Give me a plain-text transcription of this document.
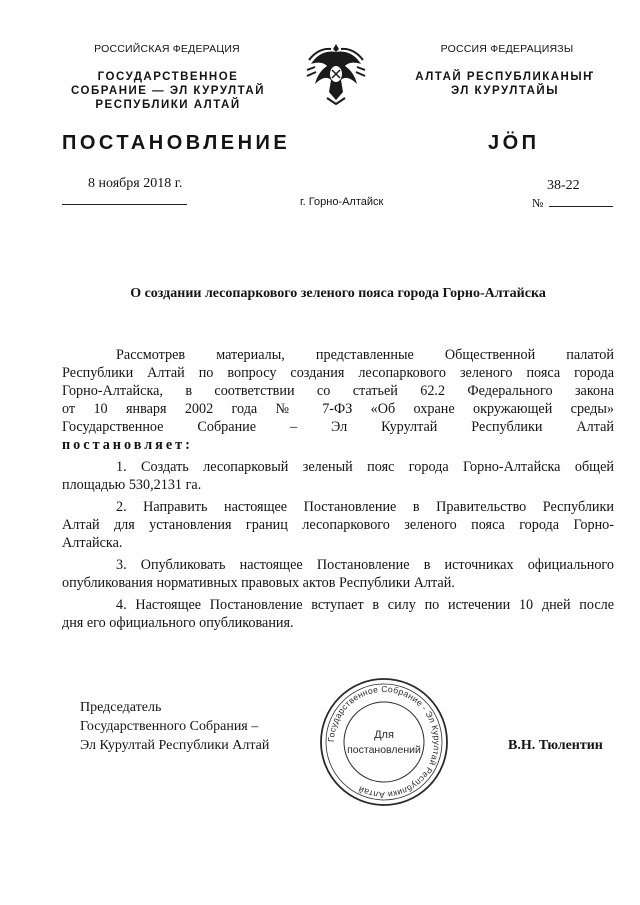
РОССИЙСКАЯ ФЕДЕРАЦИЯ
ГОСУДАРСТВЕННОЕ
СОБРАНИЕ — ЭЛ КУРУЛТАЙ
РЕСПУБЛИКИ АЛТАЙ
РОССИЯ ФЕДЕРАЦИЯЗЫ
АЛТАЙ РЕСПУБЛИКАНЫҤ
ЭЛ КУРУЛТАЙЫ
ПОСТАНОВЛЕНИЕ	JӦП
8 ноября 2018 г.
г. Горно-Алтайск
38-22
№
О создании лесопаркового зеленого пояса города Горно-Алтайска
Рассмотрев материалы, представленные Общественной палатой
Республики Алтай по вопросу создания лесопаркового зеленого пояса города
Горно-Алтайска, в соответствии со статьей 62.2 Федерального закона
от 10 января 2002 года № 7-ФЗ «Об охране окружающей среды»
Государственное Собрание – Эл Курултай Республики Алтай
постановляет:
1. Создать лесопарковый зеленый пояс города Горно-Алтайска общей
площадью 530,2131 га.
2. Направить настоящее Постановление в Правительство Республики
Алтай для установления границ лесопаркового зеленого пояса города Горно-
Алтайска.
3. Опубликовать настоящее Постановление в источниках официального
опубликования нормативных правовых актов Республики Алтай.
4. Настоящее Постановление вступает в силу по истечении 10 дней после
дня его официального опубликования.
Председатель
Государственного Собрания –
Эл Курултай Республики Алтай	Государственное Собрание - Эл Курултай Республики Алтай
Для
постановлений	В.Н. Тюлентин
